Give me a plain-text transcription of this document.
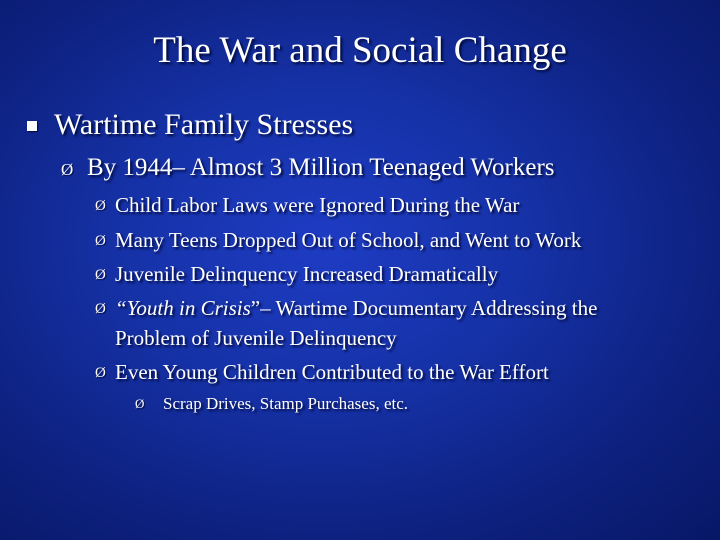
The War and Social Change
Wartime Family Stresses
Ø By 1944– Almost 3 Million Teenaged Workers
Ø Child Labor Laws were Ignored During the War
Ø Many Teens Dropped Out of School, and Went to Work
Ø Juvenile Delinquency Increased Dramatically
Ø “Youth in Crisis”– Wartime Documentary Addressing the
Problem of Juvenile Delinquency
Ø Even Young Children Contributed to the War Effort
Ø Scrap Drives, Stamp Purchases, etc.
